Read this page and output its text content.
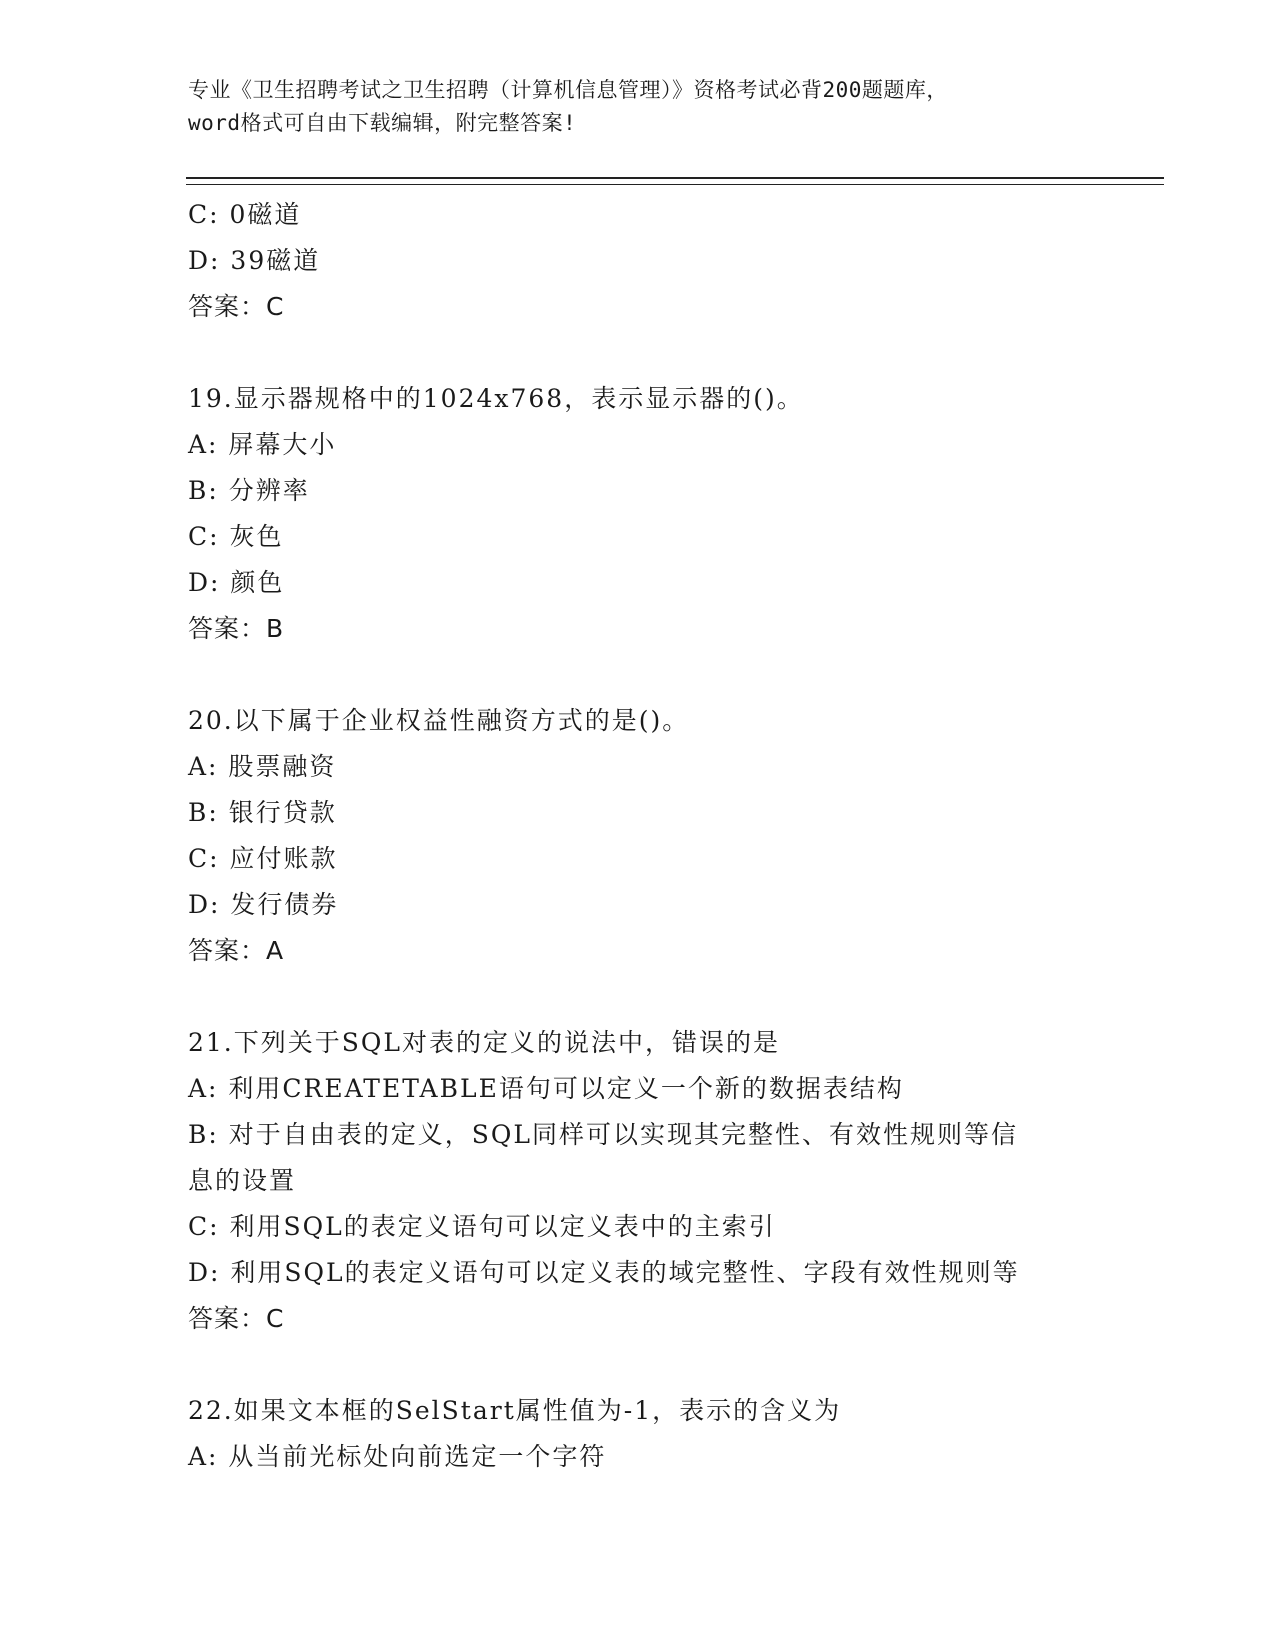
专业《卫生招聘考试之卫生招聘（计算机信息管理）》资格考试必背200题题库，
word格式可自由下载编辑，附完整答案!
C: 0磁道
D: 39磁道
答案：C
19.显示器规格中的1024x768，表示显示器的()。
A: 屏幕大小
B: 分辨率
C: 灰色
D: 颜色
答案：B
20.以下属于企业权益性融资方式的是()。
A: 股票融资
B: 银行贷款
C: 应付账款
D: 发行债券
答案：A
21.下列关于SQL对表的定义的说法中，错误的是
A: 利用CREATETABLE语句可以定义一个新的数据表结构
B: 对于自由表的定义，SQL同样可以实现其完整性、有效性规则等信
息的设置
C: 利用SQL的表定义语句可以定义表中的主索引
D: 利用SQL的表定义语句可以定义表的域完整性、字段有效性规则等
答案：C
22.如果文本框的SelStart属性值为-1，表示的含义为
A: 从当前光标处向前选定一个字符
